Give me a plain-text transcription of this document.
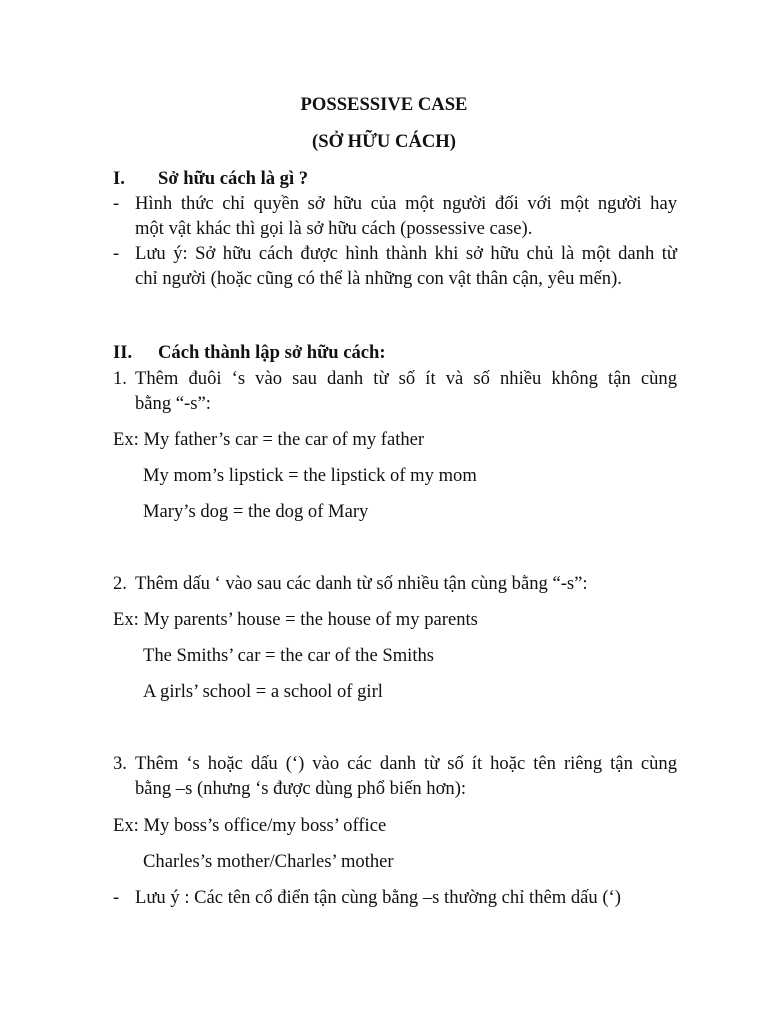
POSSESSIVE CASE
(SỞ HỮU CÁCH)
I. Sở hữu cách là gì ?
- Hình thức chỉ quyền sở hữu của một người đối với một người hay
một vật khác thì gọi là sở hữu cách (possessive case).
- Lưu ý: Sở hữu cách được hình thành khi sở hữu chủ là một danh từ
chỉ người (hoặc cũng có thể là những con vật thân cận, yêu mến).
II. Cách thành lập sở hữu cách:
1. Thêm đuôi ‘s vào sau danh từ số ít và số nhiều không tận cùng
bằng “-s”:
Ex: My father’s car = the car of my father
My mom’s lipstick = the lipstick of my mom
Mary’s dog = the dog of Mary
2. Thêm dấu ‘ vào sau các danh từ số nhiều tận cùng bằng “-s”:
Ex: My parents’ house = the house of my parents
The Smiths’ car = the car of the Smiths
A girls’ school = a school of girl
3. Thêm ‘s hoặc dấu (‘) vào các danh từ số ít hoặc tên riêng tận cùng
bằng –s (nhưng ‘s được dùng phổ biến hơn):
Ex: My boss’s office/my boss’ office
Charles’s mother/Charles’ mother
- Lưu ý : Các tên cổ điển tận cùng bằng –s thường chỉ thêm dấu (‘)
